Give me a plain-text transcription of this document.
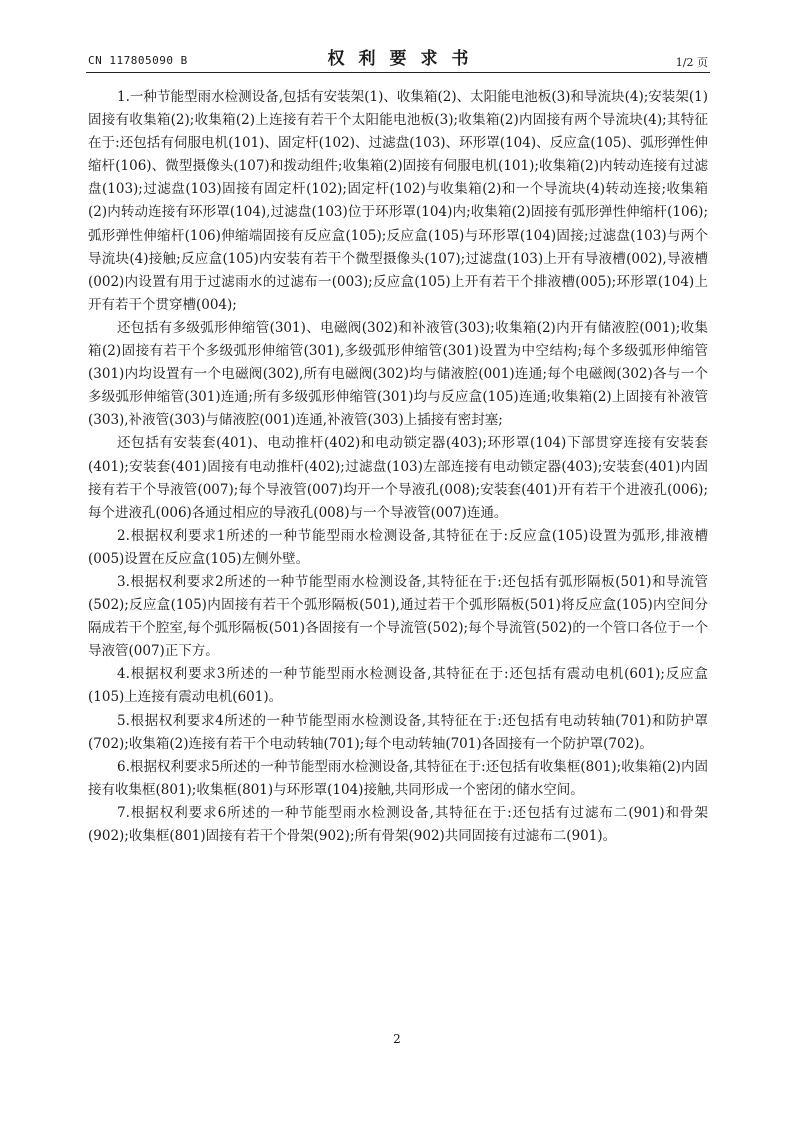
CN 117805090 B	权利要求书	1/2 页

1.一种节能型雨水检测设备,包括有安装架(1)、收集箱(2)、太阳能电池板(3)和导流块(4);安装架(1)固接有收集箱(2);收集箱(2)上连接有若干个太阳能电池板(3);收集箱(2)内固接有两个导流块(4);其特征在于:还包括有伺服电机(101)、固定杆(102)、过滤盘(103)、环形罩(104)、反应盒(105)、弧形弹性伸缩杆(106)、微型摄像头(107)和拨动组件;收集箱(2)固接有伺服电机(101);收集箱(2)内转动连接有过滤盘(103);过滤盘(103)固接有固定杆(102);固定杆(102)与收集箱(2)和一个导流块(4)转动连接;收集箱(2)内转动连接有环形罩(104),过滤盘(103)位于环形罩(104)内;收集箱(2)固接有弧形弹性伸缩杆(106);弧形弹性伸缩杆(106)伸缩端固接有反应盒(105);反应盒(105)与环形罩(104)固接;过滤盘(103)与两个导流块(4)接触;反应盒(105)内安装有若干个微型摄像头(107);过滤盘(103)上开有导液槽(002),导液槽(002)内设置有用于过滤雨水的过滤布一(003);反应盒(105)上开有若干个排液槽(005);环形罩(104)上开有若干个贯穿槽(004);

还包括有多级弧形伸缩管(301)、电磁阀(302)和补液管(303);收集箱(2)内开有储液腔(001);收集箱(2)固接有若干个多级弧形伸缩管(301),多级弧形伸缩管(301)设置为中空结构;每个多级弧形伸缩管(301)内均设置有一个电磁阀(302),所有电磁阀(302)均与储液腔(001)连通;每个电磁阀(302)各与一个多级弧形伸缩管(301)连通;所有多级弧形伸缩管(301)均与反应盒(105)连通;收集箱(2)上固接有补液管(303),补液管(303)与储液腔(001)连通,补液管(303)上插接有密封塞;

还包括有安装套(401)、电动推杆(402)和电动锁定器(403);环形罩(104)下部贯穿连接有安装套(401);安装套(401)固接有电动推杆(402);过滤盘(103)左部连接有电动锁定器(403);安装套(401)内固接有若干个导液管(007);每个导液管(007)均开一个导液孔(008);安装套(401)开有若干个进液孔(006);每个进液孔(006)各通过相应的导液孔(008)与一个导液管(007)连通。

2.根据权利要求1所述的一种节能型雨水检测设备,其特征在于:反应盒(105)设置为弧形,排液槽(005)设置在反应盒(105)左侧外壁。

3.根据权利要求2所述的一种节能型雨水检测设备,其特征在于:还包括有弧形隔板(501)和导流管(502);反应盒(105)内固接有若干个弧形隔板(501),通过若干个弧形隔板(501)将反应盒(105)内空间分隔成若干个腔室,每个弧形隔板(501)各固接有一个导流管(502);每个导流管(502)的一个管口各位于一个导液管(007)正下方。

4.根据权利要求3所述的一种节能型雨水检测设备,其特征在于:还包括有震动电机(601);反应盒(105)上连接有震动电机(601)。

5.根据权利要求4所述的一种节能型雨水检测设备,其特征在于:还包括有电动转轴(701)和防护罩(702);收集箱(2)连接有若干个电动转轴(701);每个电动转轴(701)各固接有一个防护罩(702)。

6.根据权利要求5所述的一种节能型雨水检测设备,其特征在于:还包括有收集框(801);收集箱(2)内固接有收集框(801);收集框(801)与环形罩(104)接触,共同形成一个密闭的储水空间。

7.根据权利要求6所述的一种节能型雨水检测设备,其特征在于:还包括有过滤布二(901)和骨架(902);收集框(801)固接有若干个骨架(902);所有骨架(902)共同固接有过滤布二(901)。

2
